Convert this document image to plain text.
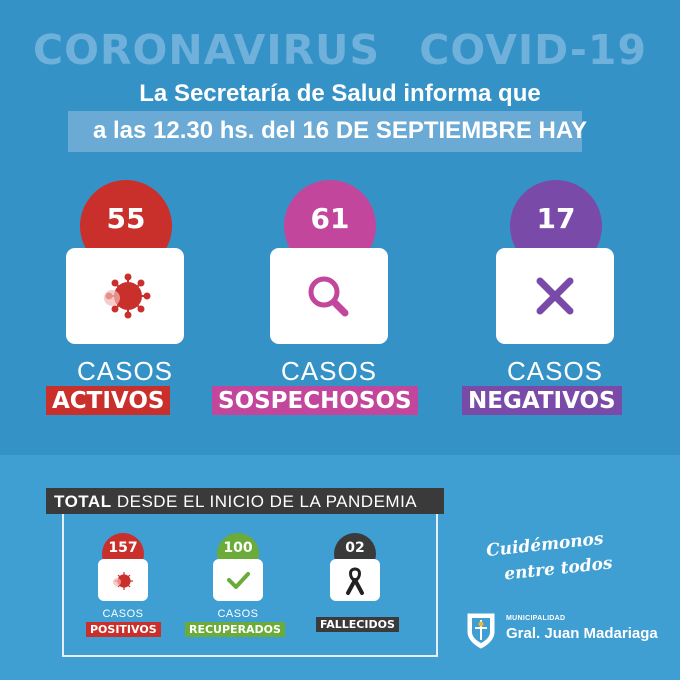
CORONAVIRUS COVID-19
La Secretaría de Salud informa que
a las 12.30 hs. del 16 DE SEPTIEMBRE HAY
55
CASOS
ACTIVOS
61
CASOS
SOSPECHOSOS
17
CASOS
NEGATIVOS
TOTAL DESDE EL INICIO DE LA PANDEMIA
157
CASOS
POSITIVOS
100
CASOS
RECUPERADOS
02
FALLECIDOS
Cuidémonos
entre todos
MUNICIPALIDAD
Gral. Juan Madariaga
